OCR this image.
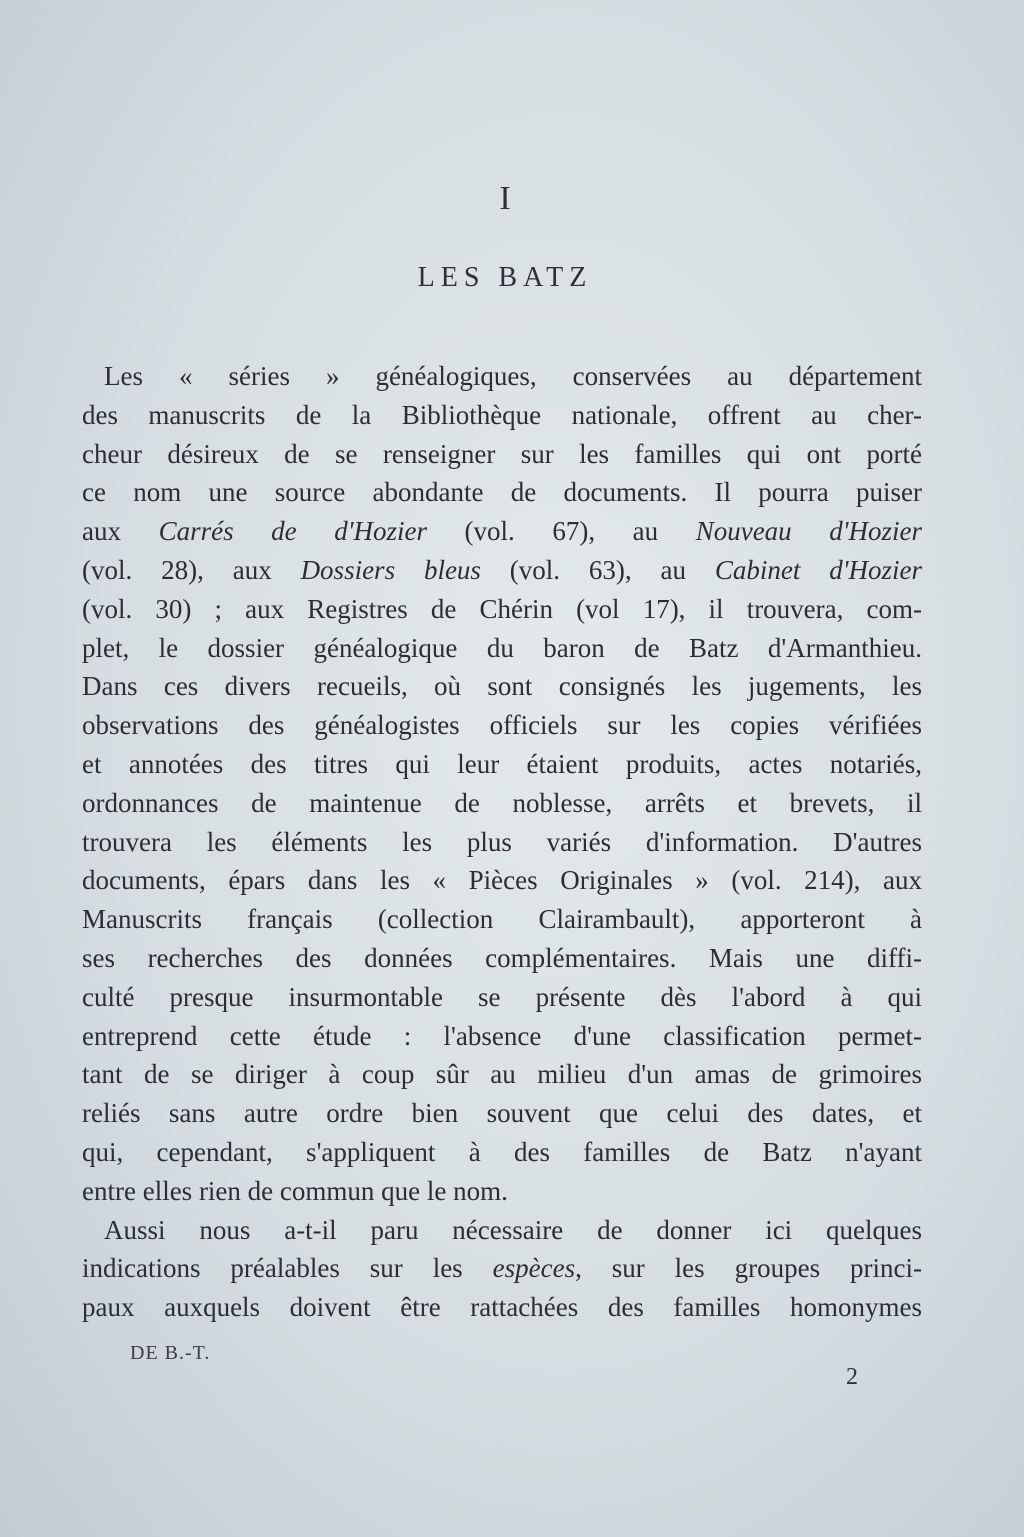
I
LES BATZ
Les « séries » généalogiques, conservées au département
des manuscrits de la Bibliothèque nationale, offrent au cher-
cheur désireux de se renseigner sur les familles qui ont porté
ce nom une source abondante de documents. Il pourra puiser
aux Carrés de d'Hozier (vol. 67), au Nouveau d'Hozier
(vol. 28), aux Dossiers bleus (vol. 63), au Cabinet d'Hozier
(vol. 30) ; aux Registres de Chérin (vol 17), il trouvera, com-
plet, le dossier généalogique du baron de Batz d'Armanthieu.
Dans ces divers recueils, où sont consignés les jugements, les
observations des généalogistes officiels sur les copies vérifiées
et annotées des titres qui leur étaient produits, actes notariés,
ordonnances de maintenue de noblesse, arrêts et brevets, il
trouvera les éléments les plus variés d'information. D'autres
documents, épars dans les « Pièces Originales » (vol. 214), aux
Manuscrits français (collection Clairambault), apporteront à
ses recherches des données complémentaires. Mais une diffi-
culté presque insurmontable se présente dès l'abord à qui
entreprend cette étude : l'absence d'une classification permet-
tant de se diriger à coup sûr au milieu d'un amas de grimoires
reliés sans autre ordre bien souvent que celui des dates, et
qui, cependant, s'appliquent à des familles de Batz n'ayant
entre elles rien de commun que le nom.
Aussi nous a-t-il paru nécessaire de donner ici quelques
indications préalables sur les espèces, sur les groupes princi-
paux auxquels doivent être rattachées des familles homonymes
DE B.-T.
2
